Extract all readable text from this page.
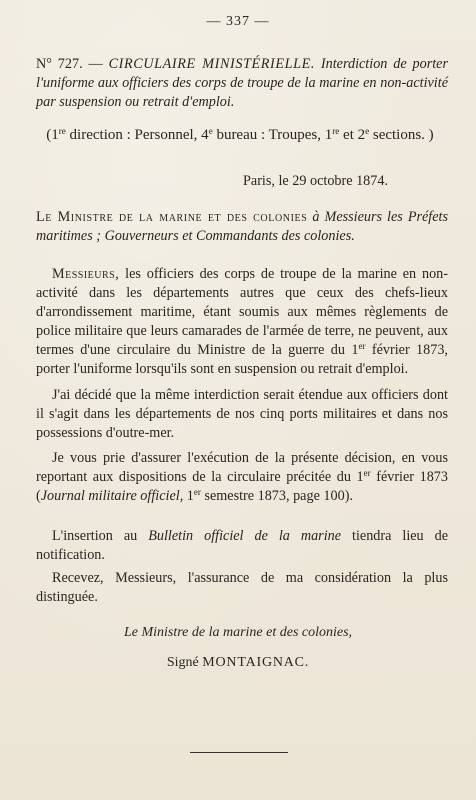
— 337 —
N° 727. — CIRCULAIRE MINISTÉRIELLE. Interdiction de porter l'uniforme aux officiers des corps de troupe de la marine en non-activité par suspension ou retrait d'emploi.
(1re direction : Personnel, 4e bureau : Troupes, 1re et 2e sections. )
Paris, le 29 octobre 1874.
Le Ministre de la marine et des colonies à Messieurs les Préfets maritimes ; Gouverneurs et Commandants des colonies.
Messieurs, les officiers des corps de troupe de la marine en non-activité dans les départements autres que ceux des chefs-lieux d'arrondissement maritime, étant soumis aux mêmes règlements de police militaire que leurs camarades de l'armée de terre, ne peuvent, aux termes d'une circulaire du Ministre de la guerre du 1er février 1873, porter l'uniforme lorsqu'ils sont en suspension ou retrait d'emploi.
J'ai décidé que la même interdiction serait étendue aux officiers dont il s'agit dans les départements de nos cinq ports militaires et dans nos possessions d'outre-mer.
Je vous prie d'assurer l'exécution de la présente décision, en vous reportant aux dispositions de la circulaire précitée du 1er février 1873 (Journal militaire officiel, 1er semestre 1873, page 100).
L'insertion au Bulletin officiel de la marine tiendra lieu de notification.
Recevez, Messieurs, l'assurance de ma considération la plus distinguée.
Le Ministre de la marine et des colonies,
Signé MONTAIGNAC.
